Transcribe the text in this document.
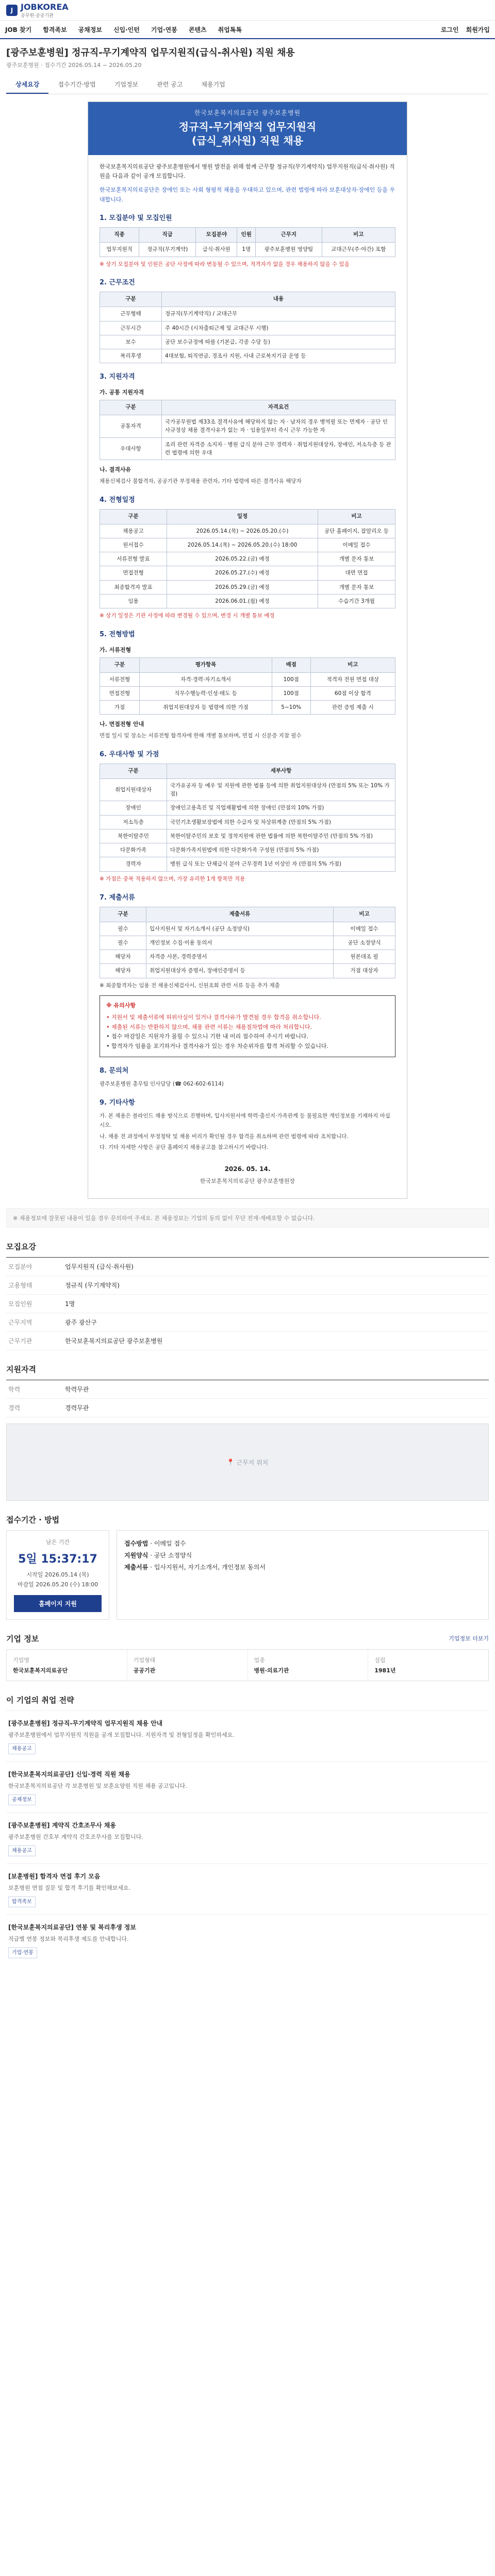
J JOBKOREA
공무원·공공기관
JOB 찾기 합격족보 공채정보 신입·인턴 기업·연봉 콘텐츠 취업톡톡	로그인 회원가입
[광주보훈병원] 정규직-무기계약직 업무지원직(급식-취사원) 직원 채용
광주보훈병원 · 접수기간 2026.05.14 ~ 2026.05.20
상세요강	접수기간·방법	기업정보	관련 공고	채용기업
한국보훈복지의료공단 광주보훈병원
정규직-무기계약직 업무지원직
(급식_취사원) 직원 채용

한국보훈복지의료공단 광주보훈병원에서 병원 발전을 위해 함께 근무할 정규직(무기계약직) 업무지원직(급식·취사원) 직원을 다음과 같이 공개 모집합니다.

한국보훈복지의료공단은 장애인 또는 사회 형평적 채용을 우대하고 있으며, 관련 법령에 따라 보훈대상자·장애인 등을 우대합니다.

1. 모집분야 및 모집인원
직종	직급	모집분야	인원	근무지	비고
업무지원직	정규직(무기계약)	급식·취사원	1명	광주보훈병원 영양팀	교대근무(주·야간) 포함
※ 상기 모집분야 및 인원은 공단 사정에 따라 변동될 수 있으며, 적격자가 없을 경우 채용하지 않을 수 있음
2. 근무조건
구분	내용
근무형태	정규직(무기계약직) / 교대근무
근무시간	주 40시간 (시차출퇴근제 및 교대근무 시행)
보수	공단 보수규정에 따름 (기본급, 각종 수당 등)
복리후생	4대보험, 퇴직연금, 경조사 지원, 사내 근로복지기금 운영 등
3. 지원자격
가. 공통 지원자격
구분	자격요건
공통자격	국가공무원법 제33조 결격사유에 해당하지 않는 자 · 남자의 경우 병역필 또는 면제자 · 공단 인사규정상 채용 결격사유가 없는 자 · 임용일부터 즉시 근무 가능한 자
우대사항	조리 관련 자격증 소지자 · 병원 급식 분야 근무 경력자 · 취업지원대상자, 장애인, 저소득층 등 관련 법령에 의한 우대
나. 결격사유
채용신체검사 불합격자, 공공기관 부정채용 관련자, 기타 법령에 따른 결격사유 해당자
4. 전형일정
구분	일정	비고
채용공고	2026.05.14.(목) ~ 2026.05.20.(수)	공단 홈페이지, 잡알리오 등
원서접수	2026.05.14.(목) ~ 2026.05.20.(수) 18:00	이메일 접수
서류전형 발표	2026.05.22.(금) 예정	개별 문자 통보
면접전형	2026.05.27.(수) 예정	대면 면접
최종합격자 발표	2026.05.29.(금) 예정	개별 문자 통보
임용	2026.06.01.(월) 예정	수습기간 3개월
※ 상기 일정은 기관 사정에 따라 변경될 수 있으며, 변경 시 개별 통보 예정
5. 전형방법
가. 서류전형
구분	평가항목	배점	비고
서류전형	자격·경력·자기소개서	100점	적격자 전원 면접 대상
면접전형	직무수행능력·인성·태도 등	100점	60점 이상 합격
가점	취업지원대상자 등 법령에 의한 가점	5~10%	관련 증빙 제출 시
나. 면접전형 안내
면접 일시 및 장소는 서류전형 합격자에 한해 개별 통보하며, 면접 시 신분증 지참 필수
6. 우대사항 및 가점
구분	세부사항
취업지원대상자	국가유공자 등 예우 및 지원에 관한 법률 등에 의한 취업지원대상자 (만점의 5% 또는 10% 가점)
장애인	장애인고용촉진 및 직업재활법에 의한 장애인 (만점의 10% 가점)
저소득층	국민기초생활보장법에 의한 수급자 및 차상위계층 (만점의 5% 가점)
북한이탈주민	북한이탈주민의 보호 및 정착지원에 관한 법률에 의한 북한이탈주민 (만점의 5% 가점)
다문화가족	다문화가족지원법에 의한 다문화가족 구성원 (만점의 5% 가점)
경력자	병원 급식 또는 단체급식 분야 근무경력 1년 이상인 자 (만점의 5% 가점)
※ 가점은 중복 적용하지 않으며, 가장 유리한 1개 항목만 적용
7. 제출서류
구분	제출서류	비고
필수	입사지원서 및 자기소개서 (공단 소정양식)	이메일 접수
필수	개인정보 수집·이용 동의서	공단 소정양식
해당자	자격증 사본, 경력증명서	원본대조 필
해당자	취업지원대상자 증명서, 장애인증명서 등	가점 대상자
※ 최종합격자는 임용 전 채용신체검사서, 신원조회 관련 서류 등을 추가 제출
※ 유의사항
• 지원서 및 제출서류에 허위사실이 있거나 결격사유가 발견될 경우 합격을 취소합니다.
• 제출된 서류는 반환하지 않으며, 채용 관련 서류는 채용절차법에 따라 처리합니다.
• 접수 마감일은 지원자가 몰릴 수 있으니 기한 내 미리 접수하여 주시기 바랍니다.
• 합격자가 임용을 포기하거나 결격사유가 있는 경우 차순위자를 합격 처리할 수 있습니다.
8. 문의처
광주보훈병원 총무팀 인사담당 (☎ 062-602-6114)
9. 기타사항
가. 본 채용은 블라인드 채용 방식으로 진행하며, 입사지원서에 학력·출신지·가족관계 등 불필요한 개인정보를 기재하지 마십시오.
나. 채용 전 과정에서 부정청탁 및 채용 비리가 확인될 경우 합격을 취소하며 관련 법령에 따라 조치합니다.
다. 기타 자세한 사항은 공단 홈페이지 채용공고를 참고하시기 바랍니다.
2026. 05. 14.
한국보훈복지의료공단 광주보훈병원장
※ 채용정보에 잘못된 내용이 있을 경우 문의하여 주세요. 본 채용정보는 기업의 동의 없이 무단 전재·재배포할 수 없습니다.
모집요강
모집분야	업무지원직 (급식·취사원)
고용형태	정규직 (무기계약직)
모집인원	1명
근무지역	광주 광산구
근무기관	한국보훈복지의료공단 광주보훈병원
지원자격
학력	학력무관
경력	경력무관
📍 근무지 위치
접수기간 · 방법
남은 기간
5일 15:37:17
시작일 2026.05.14 (목)
마감일 2026.05.20 (수) 18:00
홈페이지 지원
접수방법 · 이메일 접수
지원양식 · 공단 소정양식
제출서류 · 입사지원서, 자기소개서, 개인정보 동의서
기업 정보	기업정보 더보기
기업명
한국보훈복지의료공단
기업형태
공공기관
업종
병원·의료기관
설립
1981년
이 기업의 취업 전략
[광주보훈병원] 정규직-무기계약직 업무지원직 채용 안내
광주보훈병원에서 업무지원직 직원을 공개 모집합니다. 지원자격 및 전형일정을 확인하세요.
채용공고
[한국보훈복지의료공단] 신입·경력 직원 채용
한국보훈복지의료공단 각 보훈병원 및 보훈요양원 직원 채용 공고입니다.
공채정보
[광주보훈병원] 계약직 간호조무사 채용
광주보훈병원 간호부 계약직 간호조무사를 모집합니다.
채용공고
[보훈병원] 합격자 면접 후기 모음
보훈병원 면접 질문 및 합격 후기를 확인해보세요.
합격족보
[한국보훈복지의료공단] 연봉 및 복리후생 정보
직급별 연봉 정보와 복리후생 제도를 안내합니다.
기업·연봉
